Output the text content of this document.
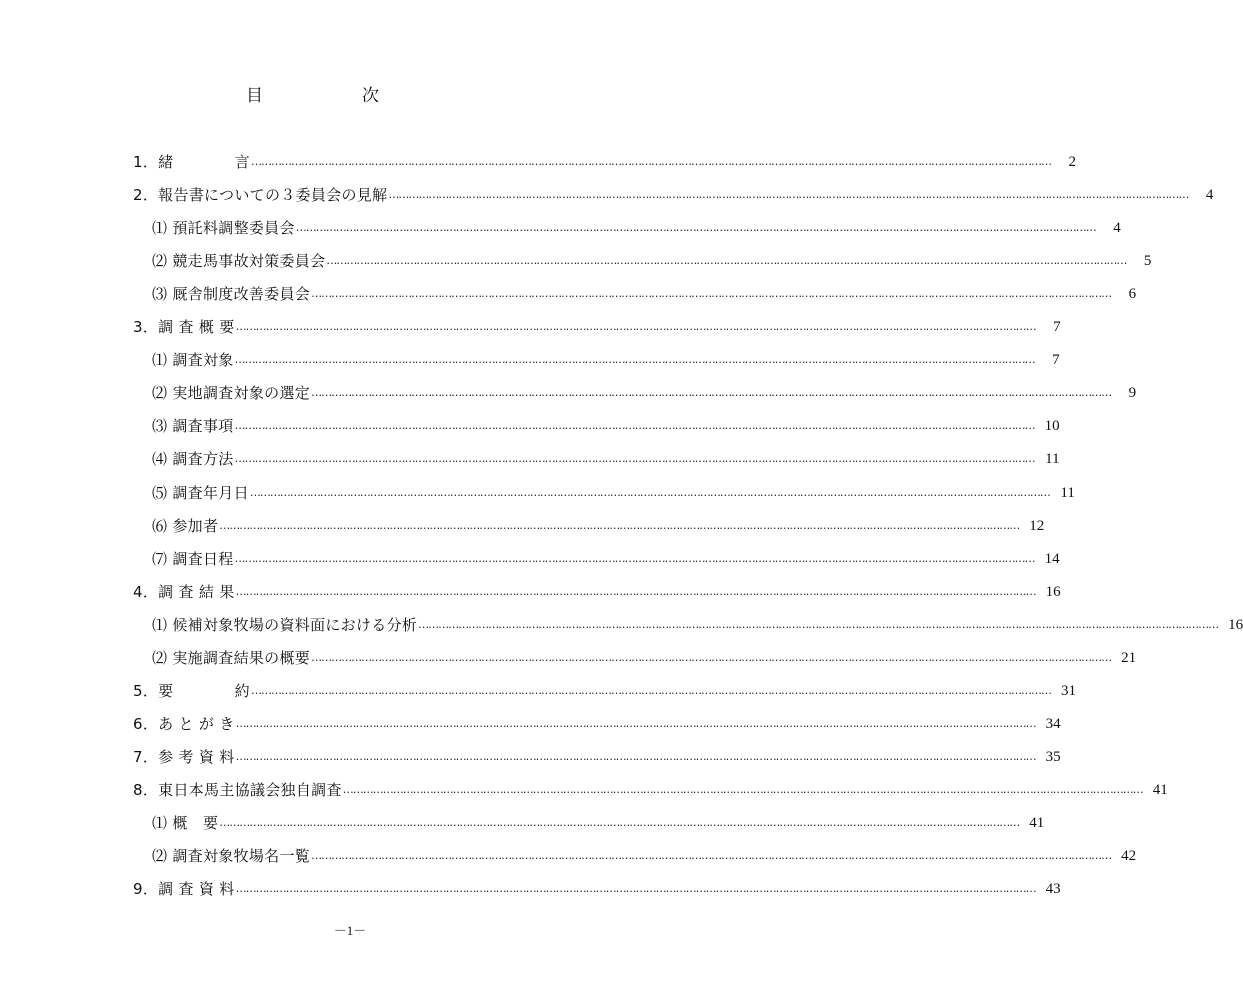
目	次
1．緒　　　　言 ……………………………………………………………………………………………………………………………………………………………………………………………………………………	2
2．報告書についての３委員会の見解 ……………………………………………………………………………………………………………………………………………………………………………………………………………………	4
⑴ 預託料調整委員会 ……………………………………………………………………………………………………………………………………………………………………………………………………………………	4
⑵ 競走馬事故対策委員会 ……………………………………………………………………………………………………………………………………………………………………………………………………………………	5
⑶ 厩舎制度改善委員会 ……………………………………………………………………………………………………………………………………………………………………………………………………………………	6
3．調 査 概 要 ……………………………………………………………………………………………………………………………………………………………………………………………………………………	7
⑴ 調査対象 ……………………………………………………………………………………………………………………………………………………………………………………………………………………	7
⑵ 実地調査対象の選定 ……………………………………………………………………………………………………………………………………………………………………………………………………………………	9
⑶ 調査事項 …………………………………………………………………………………………………………………………………………………………………………………………………………………… 10
⑷ 調査方法 …………………………………………………………………………………………………………………………………………………………………………………………………………………… 11
⑸ 調査年月日 …………………………………………………………………………………………………………………………………………………………………………………………………………………… 11
⑹ 参加者 …………………………………………………………………………………………………………………………………………………………………………………………………………………… 12
⑺ 調査日程 …………………………………………………………………………………………………………………………………………………………………………………………………………………… 14
4．調 査 結 果 …………………………………………………………………………………………………………………………………………………………………………………………………………………… 16
⑴ 候補対象牧場の資料面における分析 …………………………………………………………………………………………………………………………………………………………………………………………………………………… 16
⑵ 実施調査結果の概要 …………………………………………………………………………………………………………………………………………………………………………………………………………………… 21
5．要　　　　約 …………………………………………………………………………………………………………………………………………………………………………………………………………………… 31
6．あ と が き …………………………………………………………………………………………………………………………………………………………………………………………………………………… 34
7．参 考 資 料 …………………………………………………………………………………………………………………………………………………………………………………………………………………… 35
8．東日本馬主協議会独自調査 …………………………………………………………………………………………………………………………………………………………………………………………………………………… 41
⑴ 概　要 …………………………………………………………………………………………………………………………………………………………………………………………………………………… 41
⑵ 調査対象牧場名一覧 …………………………………………………………………………………………………………………………………………………………………………………………………………………… 42
9．調 査 資 料 …………………………………………………………………………………………………………………………………………………………………………………………………………………… 43
－1－
